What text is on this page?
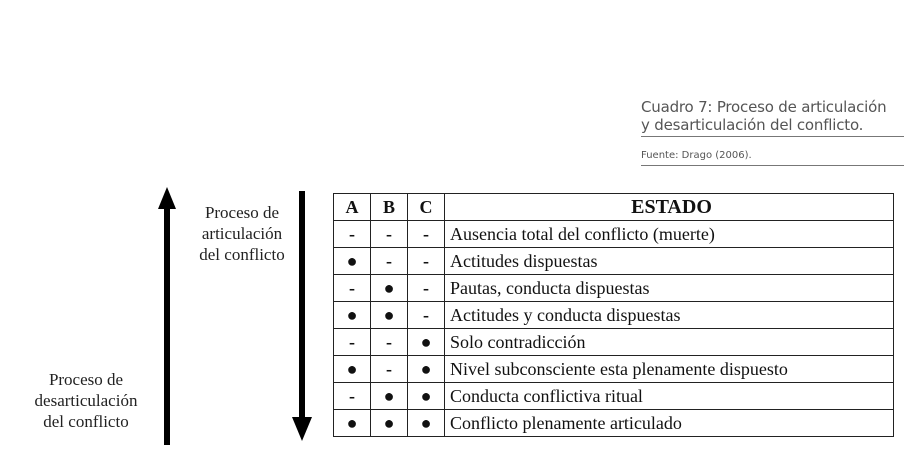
Cuadro 7: Proceso de articulación
y desarticulación del conflicto.
Fuente: Drago (2006).
Proceso de
articulación
del conflicto
Proceso de
desarticulación
del conflicto
A	B	C	ESTADO
-	-	-	Ausencia total del conflicto (muerte)
●	-	-	Actitudes dispuestas
-	●	-	Pautas, conducta dispuestas
●	●	-	Actitudes y conducta dispuestas
-	-	●	Solo contradicción
●	-	●	Nivel subconsciente esta plenamente dispuesto
-	●	●	Conducta conflictiva ritual
●	●	●	Conflicto plenamente articulado
